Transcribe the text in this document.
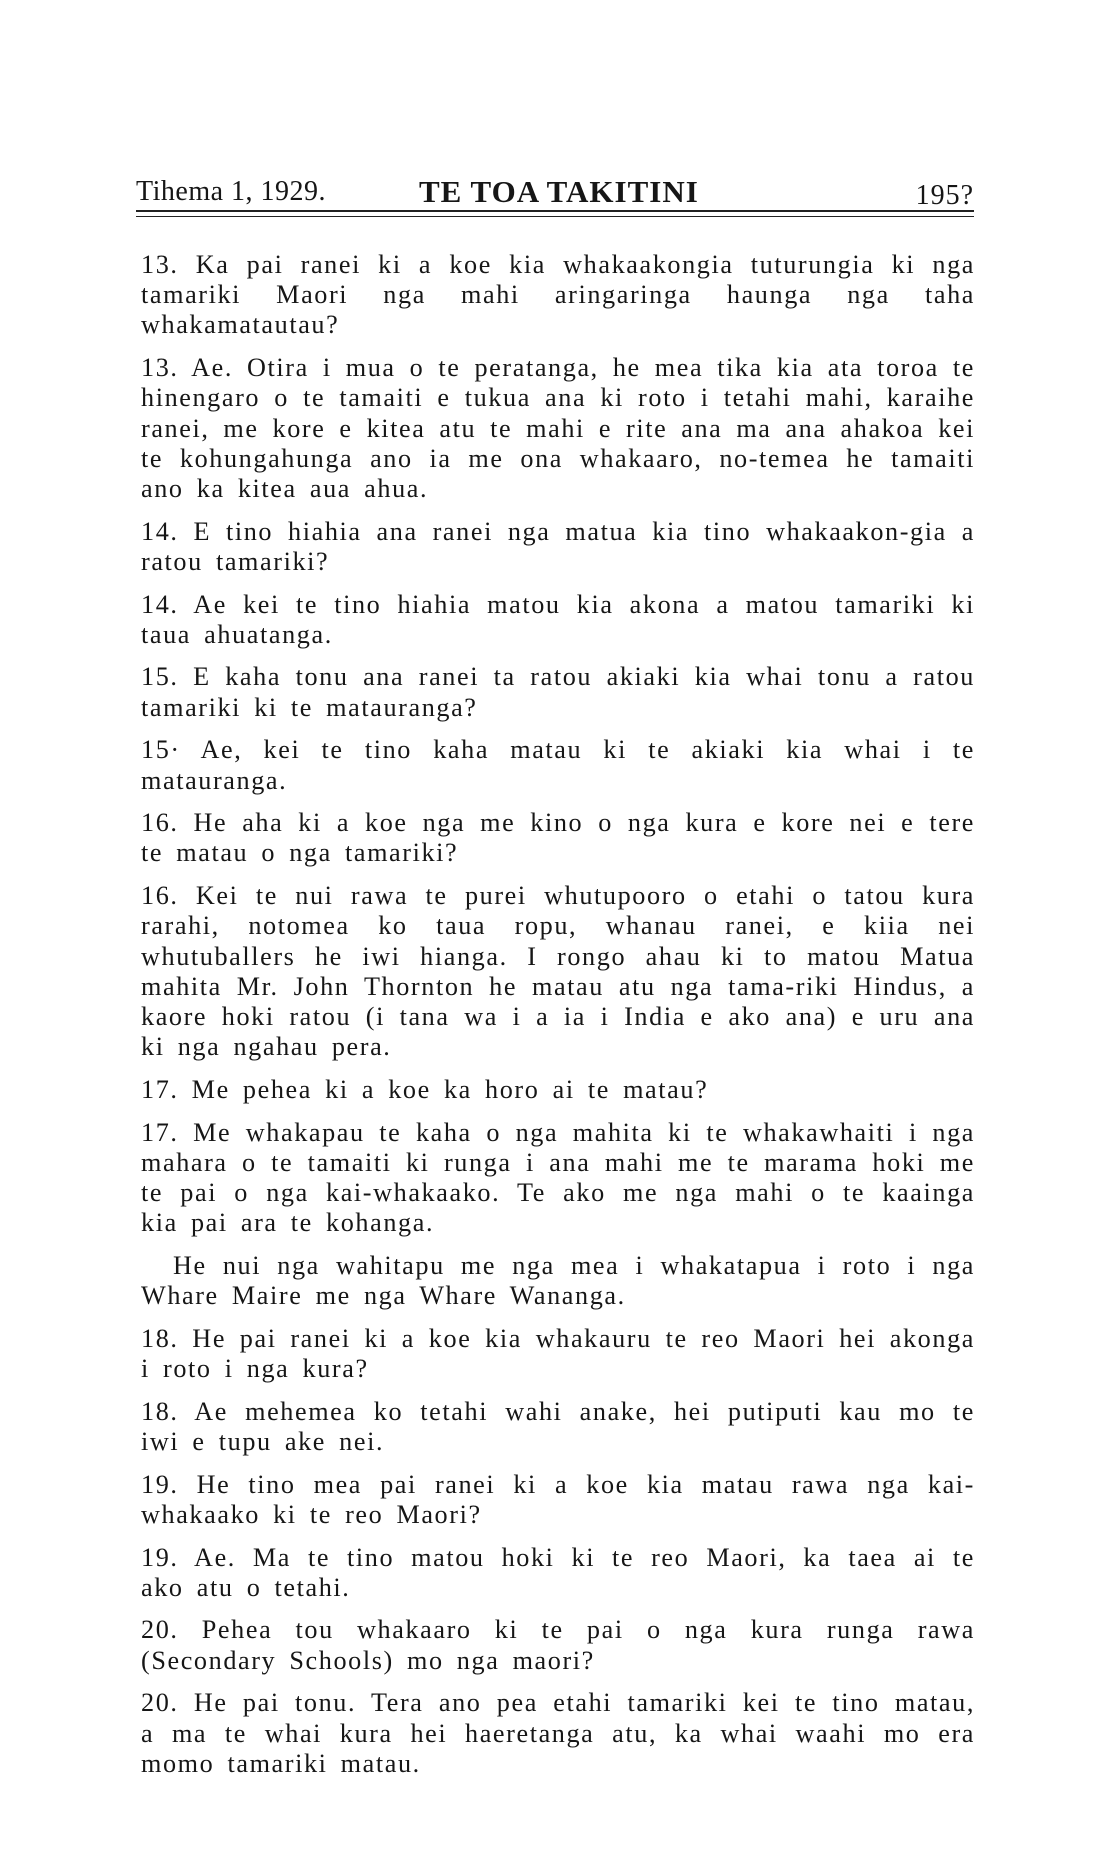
Tihema 1, 1929.	TE TOA TAKITINI	195?

13. Ka pai ranei ki a koe kia whakaakongia tuturungia ki nga tamariki Maori nga mahi aringaringa haunga nga taha whakamatautau?

13. Ae. Otira i mua o te peratanga, he mea tika kia ata toroa te hinengaro o te tamaiti e tukua ana ki roto i tetahi mahi, karaihe ranei, me kore e kitea atu te mahi e rite ana ma ana ahakoa kei te kohungahunga ano ia me ona whakaaro, no-temea he tamaiti ano ka kitea aua ahua.

14. E tino hiahia ana ranei nga matua kia tino whakaakon-gia a ratou tamariki?

14. Ae kei te tino hiahia matou kia akona a matou tamariki ki taua ahuatanga.

15. E kaha tonu ana ranei ta ratou akiaki kia whai tonu a ratou tamariki ki te matauranga?

15· Ae, kei te tino kaha matau ki te akiaki kia whai i te matauranga.

16. He aha ki a koe nga me kino o nga kura e kore nei e tere te matau o nga tamariki?

16. Kei te nui rawa te purei whutupooro o etahi o tatou kura rarahi, notomea ko taua ropu, whanau ranei, e kiia nei whutuballers he iwi hianga. I rongo ahau ki to matou Matua mahita Mr. John Thornton he matau atu nga tama-riki Hindus, a kaore hoki ratou (i tana wa i a ia i India e ako ana) e uru ana ki nga ngahau pera.

17. Me pehea ki a koe ka horo ai te matau?

17. Me whakapau te kaha o nga mahita ki te whakawhaiti i nga mahara o te tamaiti ki runga i ana mahi me te marama hoki me te pai o nga kai-whakaako. Te ako me nga mahi o te kaainga kia pai ara te kohanga.

He nui nga wahitapu me nga mea i whakatapua i roto i nga Whare Maire me nga Whare Wananga.

18. He pai ranei ki a koe kia whakauru te reo Maori hei akonga i roto i nga kura?

18. Ae mehemea ko tetahi wahi anake, hei putiputi kau mo te iwi e tupu ake nei.

19. He tino mea pai ranei ki a koe kia matau rawa nga kai-whakaako ki te reo Maori?

19. Ae. Ma te tino matou hoki ki te reo Maori, ka taea ai te ako atu o tetahi.

20. Pehea tou whakaaro ki te pai o nga kura runga rawa (Secondary Schools) mo nga maori?

20. He pai tonu. Tera ano pea etahi tamariki kei te tino matau, a ma te whai kura hei haeretanga atu, ka whai waahi mo era momo tamariki matau.
